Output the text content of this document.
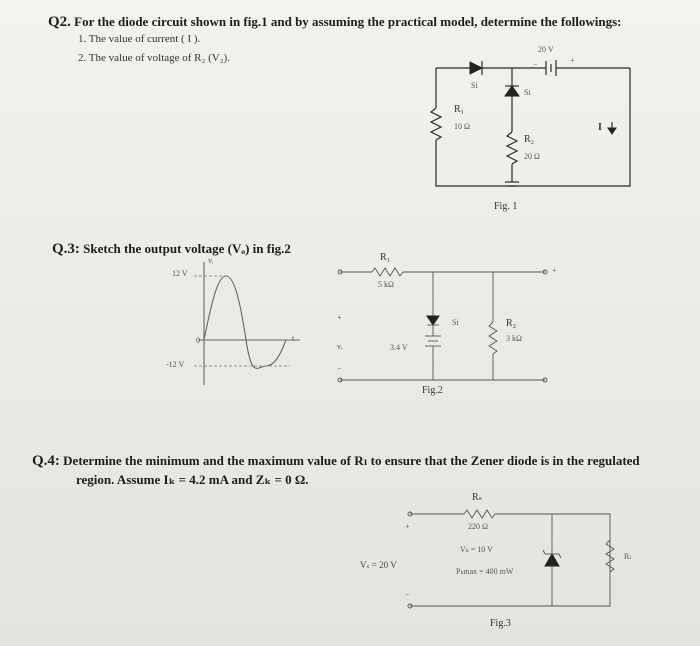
Q2. For the diode circuit shown in fig.1 and by assuming the practical model, determine the followings:
1. The value of current ( I ).
2. The value of voltage of R₂ (V₂).
20 V
+
−
Si
Si
R₁
10 Ω
R₂
20 Ω
I
Fig. 1
Q.3: Sketch the output voltage (Vₒ) in fig.2
12 V
-12 V
vᵢ
t
0
R₁
5 kΩ
Si
3.4 V
R₂
3 kΩ
+
vᵢ
−
+
Fig.2
Q.4: Determine the minimum and the maximum value of Rₗ to ensure that the Zener diode is in the regulated
region. Assume Iₖ = 4.2 mA and Zₖ = 0 Ω.
Rₛ
220 Ω
Vₛ = 20 V
Vₖ = 10 V
Pₖmax = 400 mW
Rₗ
+
−
Fig.3
